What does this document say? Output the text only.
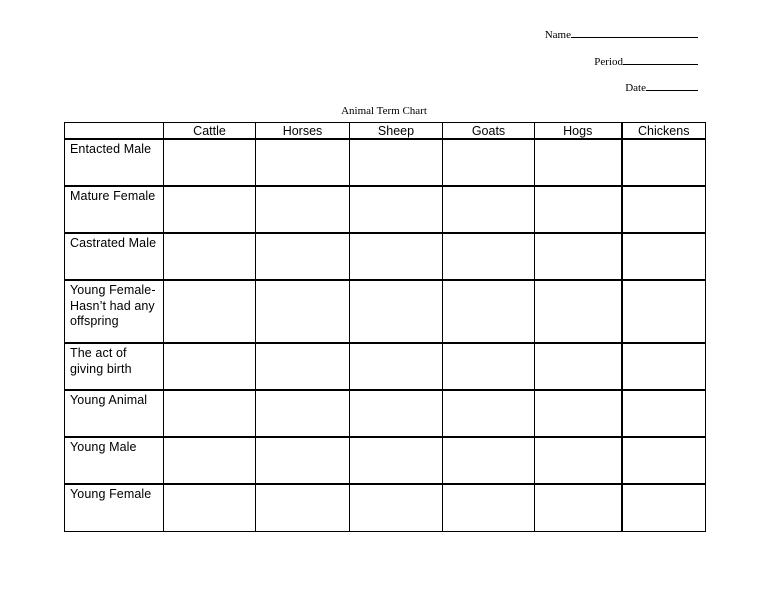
Name
Period
Date
Animal Term Chart
	Cattle	Horses	Sheep	Goats	Hogs	Chickens
Entacted Male						
Mature Female						
Castrated Male						
Young Female-Hasn’t had any offspring						
The act of giving birth						
Young Animal						
Young Male						
Young Female						
